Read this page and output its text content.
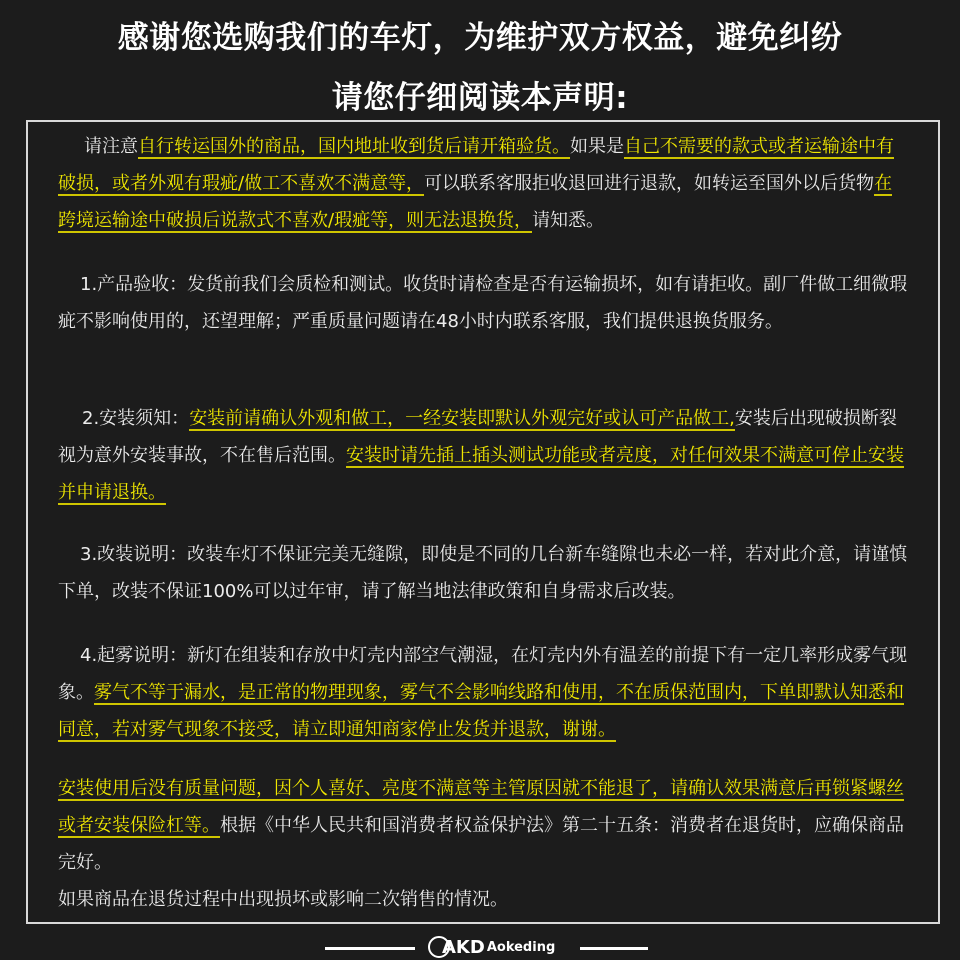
感谢您选购我们的车灯，为维护双方权益，避免纠纷
请您仔细阅读本声明:
请注意自行转运国外的商品，国内地址收到货后请开箱验货。如果是自己不需要的款式或者运输途中有破损，或者外观有瑕疵/做工不喜欢不满意等，可以联系客服拒收退回进行退款，如转运至国外以后货物在跨境运输途中破损后说款式不喜欢/瑕疵等，则无法退换货，请知悉。
1.产品验收：发货前我们会质检和测试。收货时请检查是否有运输损坏，如有请拒收。副厂件做工细微瑕疵不影响使用的，还望理解；严重质量问题请在48小时内联系客服，我们提供退换货服务。
2.安装须知：安装前请确认外观和做工，一经安装即默认外观完好或认可产品做工,安装后出现破损断裂视为意外安装事故，不在售后范围。安装时请先插上插头测试功能或者亮度，对任何效果不满意可停止安装并申请退换。
3.改装说明：改装车灯不保证完美无缝隙，即使是不同的几台新车缝隙也未必一样，若对此介意，请谨慎下单，改装不保证100%可以过年审，请了解当地法律政策和自身需求后改装。
4.起雾说明：新灯在组装和存放中灯壳内部空气潮湿，在灯壳内外有温差的前提下有一定几率形成雾气现象。雾气不等于漏水，是正常的物理现象，雾气不会影响线路和使用，不在质保范围内，下单即默认知悉和同意，若对雾气现象不接受，请立即通知商家停止发货并退款，谢谢。
安装使用后没有质量问题，因个人喜好、亮度不满意等主管原因就不能退了，请确认效果满意后再锁紧螺丝或者安装保险杠等。根据《中华人民共和国消费者权益保护法》第二十五条：消费者在退货时，应确保商品完好。
如果商品在退货过程中出现损坏或影响二次销售的情况。
AKD Aokeding
